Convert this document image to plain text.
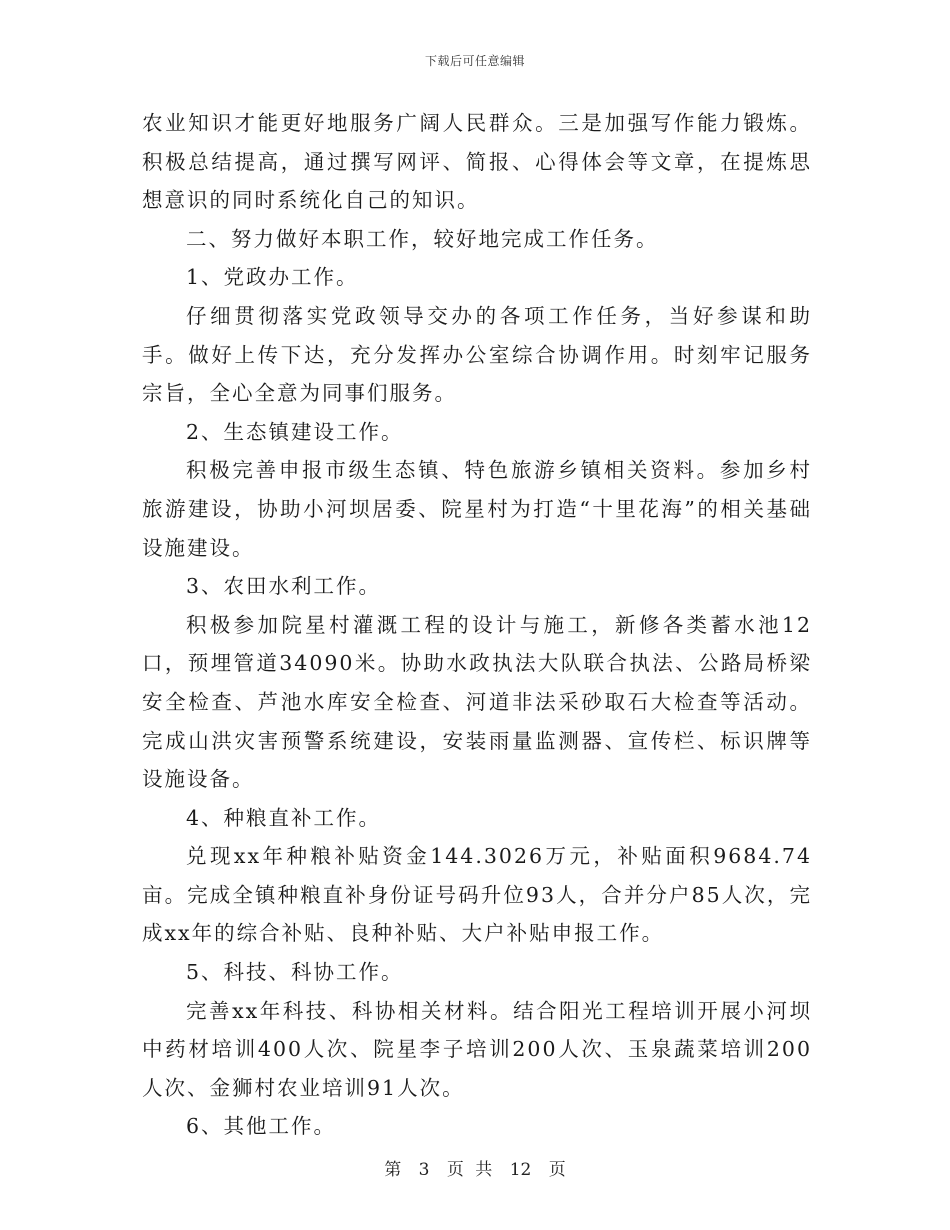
下载后可任意编辑

农业知识才能更好地服务广阔人民群众。三是加强写作能力锻炼。积极总结提高，通过撰写网评、简报、心得体会等文章，在提炼思想意识的同时系统化自己的知识。

二、努力做好本职工作，较好地完成工作任务。

1、党政办工作。

仔细贯彻落实党政领导交办的各项工作任务，当好参谋和助手。做好上传下达，充分发挥办公室综合协调作用。时刻牢记服务宗旨，全心全意为同事们服务。

2、生态镇建设工作。

积极完善申报市级生态镇、特色旅游乡镇相关资料。参加乡村旅游建设，协助小河坝居委、院星村为打造“十里花海”的相关基础设施建设。

3、农田水利工作。

积极参加院星村灌溉工程的设计与施工，新修各类蓄水池12口，预埋管道34090米。协助水政执法大队联合执法、公路局桥梁安全检查、芦池水库安全检查、河道非法采砂取石大检查等活动。完成山洪灾害预警系统建设，安装雨量监测器、宣传栏、标识牌等设施设备。

4、种粮直补工作。

兑现xx年种粮补贴资金144.3026万元，补贴面积9684.74亩。完成全镇种粮直补身份证号码升位93人，合并分户85人次，完成xx年的综合补贴、良种补贴、大户补贴申报工作。

5、科技、科协工作。

完善xx年科技、科协相关材料。结合阳光工程培训开展小河坝中药材培训400人次、院星李子培训200人次、玉泉蔬菜培训200人次、金狮村农业培训91人次。

6、其他工作。

第 3 页 共 12 页
